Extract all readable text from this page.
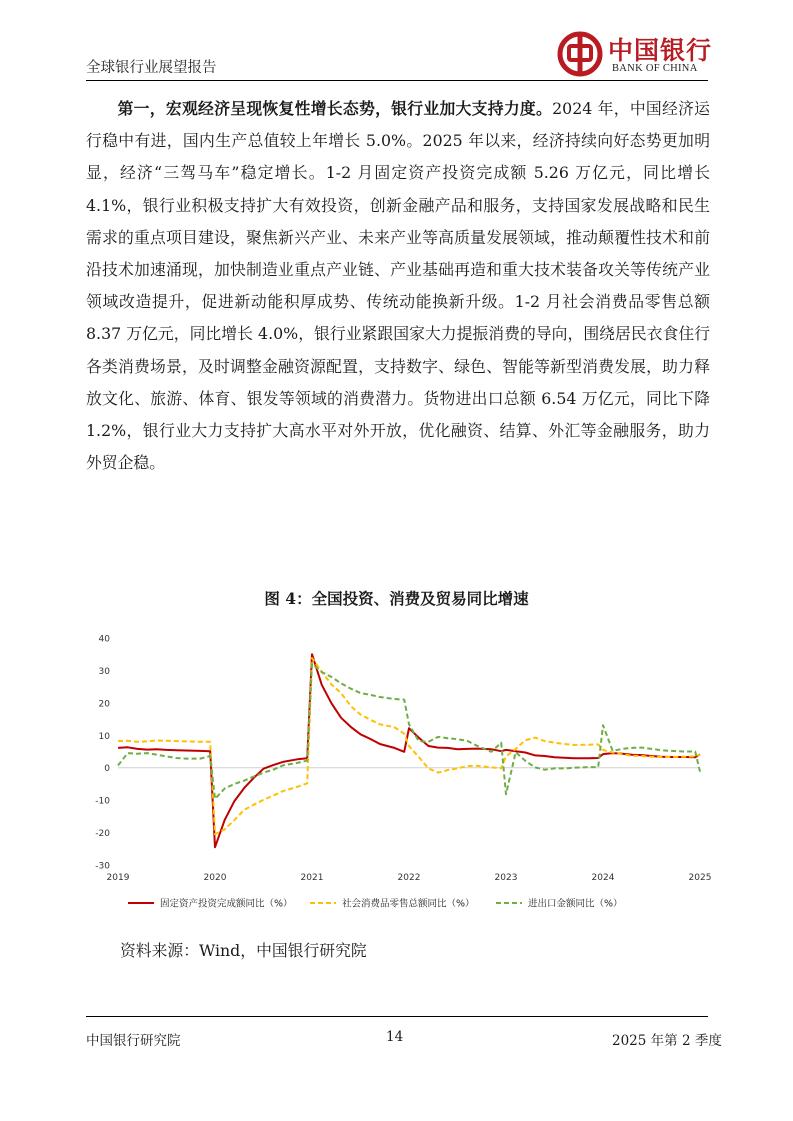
全球银行业展望报告
中国银行
BANK OF CHINA

第一，宏观经济呈现恢复性增长态势，银行业加大支持力度。2024 年，中国经济运行稳中有进，国内生产总值较上年增长 5.0%。2025 年以来，经济持续向好态势更加明显，经济“三驾马车”稳定增长。1-2 月固定资产投资完成额 5.26 万亿元，同比增长 4.1%，银行业积极支持扩大有效投资，创新金融产品和服务，支持国家发展战略和民生需求的重点项目建设，聚焦新兴产业、未来产业等高质量发展领域，推动颠覆性技术和前沿技术加速涌现，加快制造业重点产业链、产业基础再造和重大技术装备攻关等传统产业领域改造提升，促进新动能积厚成势、传统动能换新升级。1-2 月社会消费品零售总额 8.37 万亿元，同比增长 4.0%，银行业紧跟国家大力提振消费的导向，围绕居民衣食住行各类消费场景，及时调整金融资源配置，支持数字、绿色、智能等新型消费发展，助力释放文化、旅游、体育、银发等领域的消费潜力。货物进出口总额 6.54 万亿元，同比下降 1.2%，银行业大力支持扩大高水平对外开放，优化融资、结算、外汇等金融服务，助力外贸企稳。

图 4：全国投资、消费及贸易同比增速
40
30
20
10
0
-10
-20
-30
2019	2020	2021	2022	2023	2024	2025
固定资产投资完成额同比（%）	社会消费品零售总额同比（%）	进出口金额同比（%）
资料来源：Wind，中国银行研究院
中国银行研究院	14	2025 年第 2 季度
